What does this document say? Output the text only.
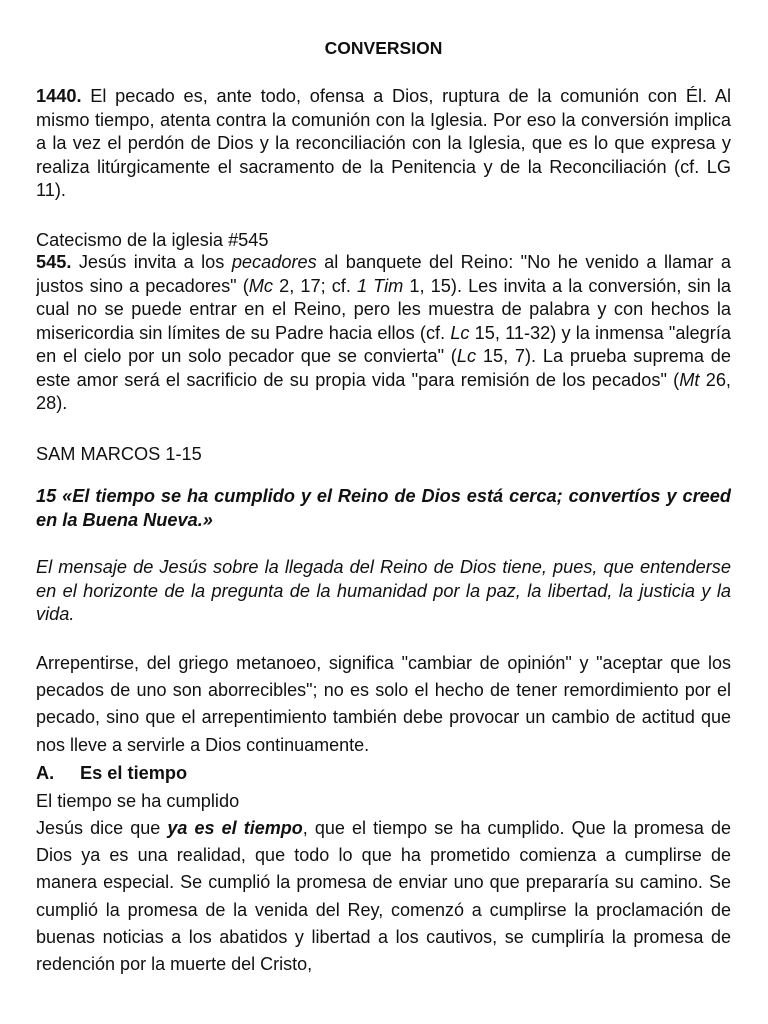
CONVERSION

1440. El pecado es, ante todo, ofensa a Dios, ruptura de la comunión con Él. Al mismo tiempo, atenta contra la comunión con la Iglesia. Por eso la conversión implica a la vez el perdón de Dios y la reconciliación con la Iglesia, que es lo que expresa y realiza litúrgicamente el sacramento de la Penitencia y de la Reconciliación (cf. LG 11).

Catecismo de la iglesia #545

545. Jesús invita a los pecadores al banquete del Reino: "No he venido a llamar a justos sino a pecadores" (Mc 2, 17; cf. 1 Tim 1, 15). Les invita a la conversión, sin la cual no se puede entrar en el Reino, pero les muestra de palabra y con hechos la misericordia sin límites de su Padre hacia ellos (cf. Lc 15, 11-32) y la inmensa "alegría en el cielo por un solo pecador que se convierta" (Lc 15, 7). La prueba suprema de este amor será el sacrificio de su propia vida "para remisión de los pecados" (Mt 26, 28).

SAM MARCOS 1-15

15 «El tiempo se ha cumplido y el Reino de Dios está cerca; convertíos y creed en la Buena Nueva.»

El mensaje de Jesús sobre la llegada del Reino de Dios tiene, pues, que entenderse en el horizonte de la pregunta de la humanidad por la paz, la libertad, la justicia y la vida.

Arrepentirse, del griego metanoeo, significa "cambiar de opinión" y "aceptar que los pecados de uno son aborrecibles"; no es solo el hecho de tener remordimiento por el pecado, sino que el arrepentimiento también debe provocar un cambio de actitud que nos lleve a servirle a Dios continuamente.

A. Es el tiempo
El tiempo se ha cumplido

Jesús dice que ya es el tiempo, que el tiempo se ha cumplido. Que la promesa de Dios ya es una realidad, que todo lo que ha prometido comienza a cumplirse de manera especial. Se cumplió la promesa de enviar uno que prepararía su camino. Se cumplió la promesa de la venida del Rey, comenzó a cumplirse la proclamación de buenas noticias a los abatidos y libertad a los cautivos, se cumpliría la promesa de redención por la muerte del Cristo,
